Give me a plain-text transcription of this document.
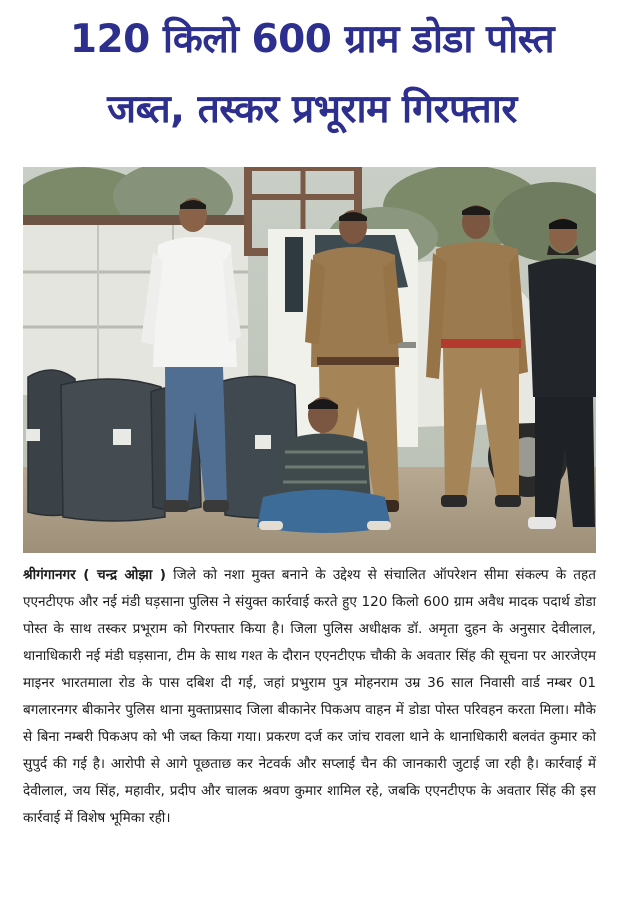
120 किलो 600 ग्राम डोडा पोस्त
जब्त, तस्कर प्रभूराम गिरफ्तार

श्रीगंगानगर ( चन्द्र ओझा ) जिले को नशा मुक्त बनाने के उद्देश्य से संचालित ऑपरेशन सीमा संकल्प के तहत एएनटीएफ और नई मंडी घड़साना पुलिस ने संयुक्त कार्रवाई करते हुए 120 किलो 600 ग्राम अवैध मादक पदार्थ डोडा पोस्त के साथ तस्कर प्रभूराम को गिरफ्तार किया है। जिला पुलिस अधीक्षक डॉ. अमृता दुहन के अनुसार देवीलाल, थानाधिकारी नई मंडी घड़साना, टीम के साथ गश्त के दौरान एएनटीएफ चौकी के अवतार सिंह की सूचना पर आरजेएम माइनर भारतमाला रोड के पास दबिश दी गई, जहां प्रभुराम पुत्र मोहनराम उम्र 36 साल निवासी वार्ड नम्बर 01 बगलारनगर बीकानेर पुलिस थाना मुक्ताप्रसाद जिला बीकानेर पिकअप वाहन में डोडा पोस्त परिवहन करता मिला। मौके से बिना नम्बरी पिकअप को भी जब्त किया गया। प्रकरण दर्ज कर जांच रावला थाने के थानाधिकारी बलवंत कुमार को सुपुर्द की गई है। आरोपी से आगे पूछताछ कर नेटवर्क और सप्लाई चैन की जानकारी जुटाई जा रही है। कार्रवाई में देवीलाल, जय सिंह, महावीर, प्रदीप और चालक श्रवण कुमार शामिल रहे, जबकि एएनटीएफ के अवतार सिंह की इस कार्रवाई में विशेष भूमिका रही।
